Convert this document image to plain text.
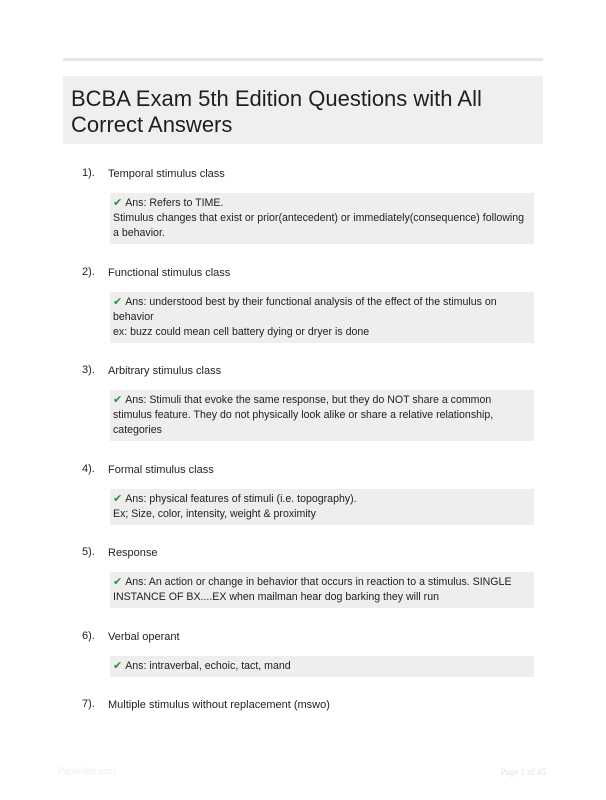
BCBA Exam 5th Edition Questions with All Correct Answers
1). Temporal stimulus class
✔ Ans: Refers to TIME.
Stimulus changes that exist or prior(antecedent) or immediately(consequence) following
a behavior.
2). Functional stimulus class
✔ Ans: understood best by their functional analysis of the effect of the stimulus on
behavior
ex: buzz could mean cell battery dying or dryer is done
3). Arbitrary stimulus class
✔ Ans: Stimuli that evoke the same response, but they do NOT share a common
stimulus feature. They do not physically look alike or share a relative relationship,
categories
4). Formal stimulus class
✔ Ans: physical features of stimuli (i.e. topography).
Ex; Size, color, intensity, weight & proximity
5). Response
✔ Ans: An action or change in behavior that occurs in reaction to a stimulus. SINGLE
INSTANCE OF BX....EX when mailman hear dog barking they will run
6). Verbal operant
✔ Ans: intraverbal, echoic, tact, mand
7). Multiple stimulus without replacement (mswo)
Paperlibe.com	Page 1 of 45
